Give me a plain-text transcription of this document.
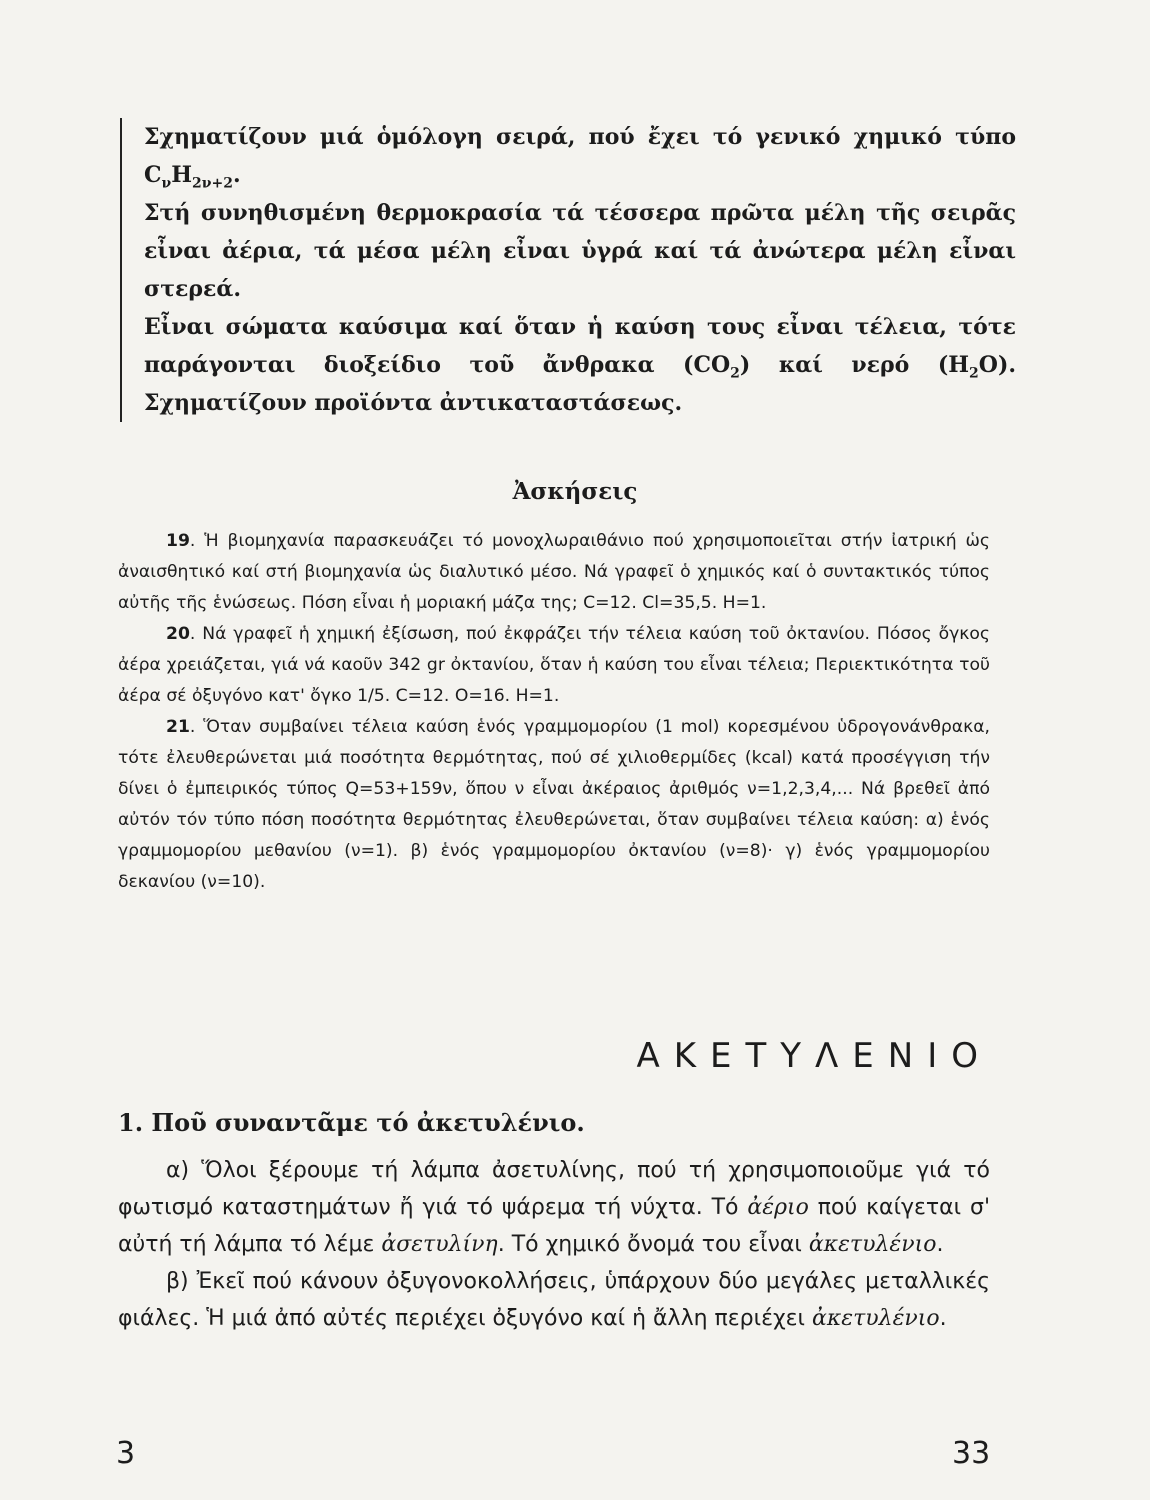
Σχηματίζουν μιά ὁμόλογη σειρά, πού ἔχει τό γενικό χημικό τύπο $C_\nu H_{2\nu+2}$.

Στή συνηθισμένη θερμοκρασία τά τέσσερα πρῶτα μέλη τῆς σειρᾶς εἶναι ἀέρια, τά μέσα μέλη εἶναι ὑγρά καί τά ἀνώτερα μέλη εἶναι στερεά.

Εἶναι σώματα καύσιμα καί ὅταν ἡ καύση τους εἶναι τέλεια, τότε παράγονται διοξείδιο τοῦ ἄνθρακα $(CO_2)$ καί νερό $(H_2O)$. Σχηματίζουν προϊόντα ἀντικαταστάσεως.

Ἀσκήσεις

19. Ἡ βιομηχανία παρασκευάζει τό μονοχλωραιθάνιο πού χρησιμοποιεῖται στήν ἰατρική ὡς ἀναισθητικό καί στή βιομηχανία ὡς διαλυτικό μέσο. Νά γραφεῖ ὁ χημικός καί ὁ συντακτικός τύπος αὐτῆς τῆς ἑνώσεως. Πόση εἶναι ἡ μοριακή μάζα της; C=12. Cl=35,5. H=1.

20. Νά γραφεῖ ἡ χημική ἐξίσωση, πού ἐκφράζει τήν τέλεια καύση τοῦ ὀκτανίου. Πόσος ὄγκος ἀέρα χρειάζεται, γιά νά καοῦν 342 gr ὀκτανίου, ὅταν ἡ καύση του εἶναι τέλεια; Περιεκτικότητα τοῦ ἀέρα σέ ὀξυγόνο κατ' ὄγκο 1/5. C=12. O=16. H=1.

21. Ὅταν συμβαίνει τέλεια καύση ἑνός γραμμομορίου (1 mol) κορεσμένου ὑδρογονάνθρακα, τότε ἐλευθερώνεται μιά ποσότητα θερμότητας, πού σέ χιλιοθερμίδες (kcal) κατά προσέγγιση τήν δίνει ὁ ἐμπειρικός τύπος Q=53+159ν, ὅπου ν εἶναι ἀκέραιος ἀριθμός ν=1,2,3,4,... Νά βρεθεῖ ἀπό αὐτόν τόν τύπο πόση ποσότητα θερμότητας ἐλευθερώνεται, ὅταν συμβαίνει τέλεια καύση: α) ἑνός γραμμομορίου μεθανίου (ν=1). β) ἑνός γραμμομορίου ὀκτανίου (ν=8)· γ) ἑνός γραμμομορίου δεκανίου (ν=10).

ΑΚΕΤΥΛΕΝΙΟ
1. Ποῦ συναντᾶμε τό ἀκετυλένιο.

α) Ὅλοι ξέρουμε τή λάμπα ἀσετυλίνης, πού τή χρησιμοποιοῦμε γιά τό φωτισμό καταστημάτων ἤ γιά τό ψάρεμα τή νύχτα. Τό ἀέριο πού καίγεται σ' αὐτή τή λάμπα τό λέμε ἀσετυλίνη. Τό χημικό ὄνομά του εἶναι ἀκετυλένιο.

β) Ἐκεῖ πού κάνουν ὀξυγονοκολλήσεις, ὑπάρχουν δύο μεγάλες μεταλλικές φιάλες. Ἡ μιά ἀπό αὐτές περιέχει ὀξυγόνο καί ἡ ἄλλη περιέχει ἀκετυλένιο.

3	33
